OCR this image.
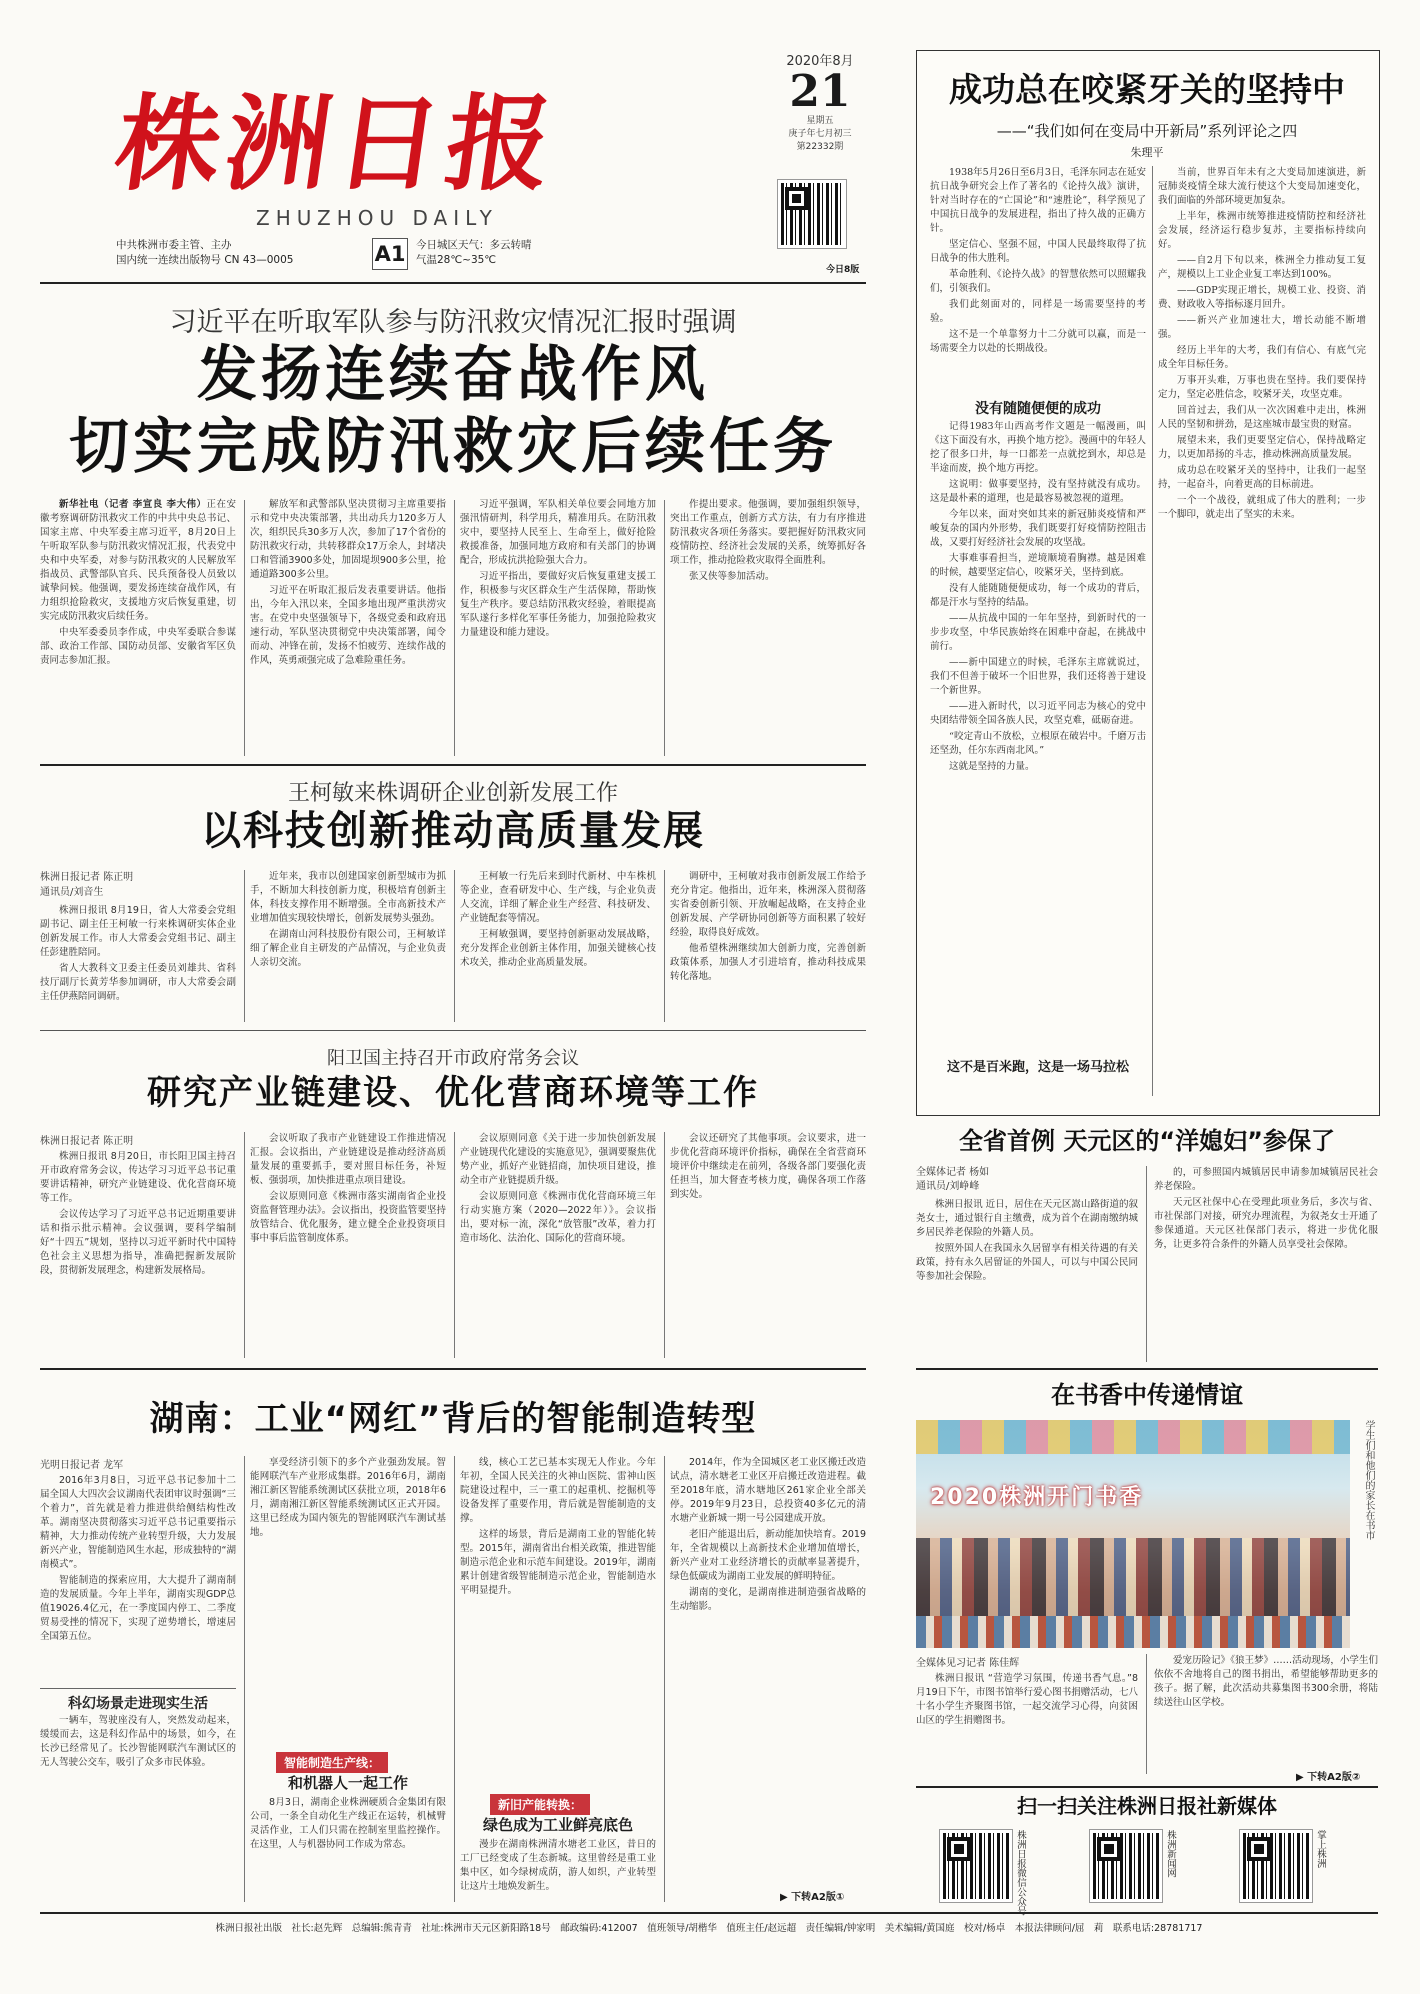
株洲日报
ZHUZHOU DAILY
中共株洲市委主管、主办
国内统一连续出版物号 CN 43—0005	A1 今日城区天气：多云转晴
气温28℃~35℃
2020年8月
21
星期五
庚子年七月初三
第22332期
今日8版
习近平在听取军队参与防汛救灾情况汇报时强调
发扬连续奋战作风
切实完成防汛救灾后续任务

新华社电（记者 李宣良 李大伟）正在安徽考察调研防汛救灾工作的中共中央总书记、国家主席、中央军委主席习近平，8月20日上午听取军队参与防汛救灾情况汇报，代表党中央和中央军委，对参与防汛救灾的人民解放军指战员、武警部队官兵、民兵预备役人员致以诚挚问候。他强调，要发扬连续奋战作风，有力组织抢险救灾，支援地方灾后恢复重建，切实完成防汛救灾后续任务。

中央军委委员李作成，中央军委联合参谋部、政治工作部、国防动员部、安徽省军区负责同志参加汇报。

解放军和武警部队坚决贯彻习主席重要指示和党中央决策部署，共出动兵力120多万人次，组织民兵30多万人次，参加了17个省份的防汛救灾行动，共转移群众17万余人，封堵决口和管涌3900多处，加固堤坝900多公里，抢通道路300多公里。

习近平在听取汇报后发表重要讲话。他指出，今年入汛以来，全国多地出现严重洪涝灾害。在党中央坚强领导下，各级党委和政府迅速行动，军队坚决贯彻党中央决策部署，闻令而动、冲锋在前，发扬不怕疲劳、连续作战的作风，英勇顽强完成了急难险重任务。

习近平强调，军队相关单位要会同地方加强汛情研判，科学用兵，精准用兵。在防汛救灾中，要坚持人民至上、生命至上，做好抢险救援准备，加强同地方政府和有关部门的协调配合，形成抗洪抢险强大合力。

习近平指出，要做好灾后恢复重建支援工作，积极参与灾区群众生产生活保障，帮助恢复生产秩序。要总结防汛救灾经验，着眼提高军队遂行多样化军事任务能力，加强抢险救灾力量建设和能力建设。

作提出要求。他强调，要加强组织领导，突出工作重点，创新方式方法，有力有序推进防汛救灾各项任务落实。要把握好防汛救灾同疫情防控、经济社会发展的关系，统筹抓好各项工作，推动抢险救灾取得全面胜利。

张又侠等参加活动。

王柯敏来株调研企业创新发展工作
以科技创新推动高质量发展
株洲日报记者 陈正明
通讯员/刘音生

株洲日报讯 8月19日，省人大常委会党组副书记、副主任王柯敏一行来株调研实体企业创新发展工作。市人大常委会党组书记、副主任彭建胜陪同。

省人大教科文卫委主任委员刘雄共、省科技厅副厅长黄芳华参加调研，市人大常委会副主任伊燕陪同调研。

近年来，我市以创建国家创新型城市为抓手，不断加大科技创新力度，积极培育创新主体，科技支撑作用不断增强。全市高新技术产业增加值实现较快增长，创新发展势头强劲。

在湖南山河科技股份有限公司，王柯敏详细了解企业自主研发的产品情况，与企业负责人亲切交流。

王柯敏一行先后来到时代新材、中车株机等企业，查看研发中心、生产线，与企业负责人交流，详细了解企业生产经营、科技研发、产业链配套等情况。

王柯敏强调，要坚持创新驱动发展战略，充分发挥企业创新主体作用，加强关键核心技术攻关，推动企业高质量发展。

调研中，王柯敏对我市创新发展工作给予充分肯定。他指出，近年来，株洲深入贯彻落实省委创新引领、开放崛起战略，在支持企业创新发展、产学研协同创新等方面积累了较好经验，取得良好成效。

他希望株洲继续加大创新力度，完善创新政策体系，加强人才引进培育，推动科技成果转化落地。

阳卫国主持召开市政府常务会议
研究产业链建设、优化营商环境等工作
株洲日报记者 陈正明

株洲日报讯 8月20日，市长阳卫国主持召开市政府常务会议，传达学习习近平总书记重要讲话精神，研究产业链建设、优化营商环境等工作。

会议传达学习了习近平总书记近期重要讲话和指示批示精神。会议强调，要科学编制好“十四五”规划，坚持以习近平新时代中国特色社会主义思想为指导，准确把握新发展阶段，贯彻新发展理念，构建新发展格局。

会议听取了我市产业链建设工作推进情况汇报。会议指出，产业链建设是推动经济高质量发展的重要抓手，要对照目标任务，补短板、强弱项，加快推进重点项目建设。

会议原则同意《株洲市落实湖南省企业投资监督管理办法》。会议指出，投资监管要坚持放管结合、优化服务，建立健全企业投资项目事中事后监管制度体系。

会议原则同意《关于进一步加快创新发展产业链现代化建设的实施意见》，强调要聚焦优势产业，抓好产业链招商，加快项目建设，推动全市产业链提质升级。

会议原则同意《株洲市优化营商环境三年行动实施方案（2020—2022年）》。会议指出，要对标一流，深化“放管服”改革，着力打造市场化、法治化、国际化的营商环境。

会议还研究了其他事项。会议要求，进一步优化营商环境评价指标，确保在全省营商环境评价中继续走在前列，各级各部门要强化责任担当，加大督查考核力度，确保各项工作落到实处。

湖南：工业“网红”背后的智能制造转型
光明日报记者 龙军

2016年3月8日，习近平总书记参加十二届全国人大四次会议湖南代表团审议时强调“三个着力”，首先就是着力推进供给侧结构性改革。湖南坚决贯彻落实习近平总书记重要指示精神，大力推动传统产业转型升级，大力发展新兴产业，智能制造风生水起，形成独特的“湖南模式”。

智能制造的探索应用，大大提升了湖南制造的发展质量。今年上半年，湖南实现GDP总值19026.4亿元，在一季度国内停工、二季度贸易受挫的情况下，实现了逆势增长，增速居全国第五位。

科幻场景走进现实生活

一辆车，驾驶座没有人，突然发动起来，缓缓而去，这是科幻作品中的场景，如今，在长沙已经常见了。长沙智能网联汽车测试区的无人驾驶公交车，吸引了众多市民体验。

享受经济引领下的多个产业强劲发展。智能网联汽车产业形成集群。2016年6月，湖南湘江新区智能系统测试区获批立项，2018年6月，湖南湘江新区智能系统测试区正式开园。这里已经成为国内领先的智能网联汽车测试基地。

智能制造生产线：
和机器人一起工作

8月3日，湖南企业株洲硬质合金集团有限公司，一条全自动化生产线正在运转，机械臂灵活作业，工人们只需在控制室里监控操作。在这里，人与机器协同工作成为常态。

线，核心工艺已基本实现无人作业。今年年初，全国人民关注的火神山医院、雷神山医院建设过程中，三一重工的起重机、挖掘机等设备发挥了重要作用，背后就是智能制造的支撑。

这样的场景，背后是湖南工业的智能化转型。2015年，湖南省出台相关政策，推进智能制造示范企业和示范车间建设。2019年，湖南累计创建省级智能制造示范企业，智能制造水平明显提升。

新旧产能转换：
绿色成为工业鲜亮底色

漫步在湖南株洲清水塘老工业区，昔日的工厂已经变成了生态新城。这里曾经是重工业集中区，如今绿树成荫，游人如织，产业转型让这片土地焕发新生。

2014年，作为全国城区老工业区搬迁改造试点，清水塘老工业区开启搬迁改造进程。截至2018年底，清水塘地区261家企业全部关停。2019年9月23日，总投资40多亿元的清水塘产业新城一期一号公园建成开放。

老旧产能退出后，新动能加快培育。2019年，全省规模以上高新技术企业增加值增长，新兴产业对工业经济增长的贡献率显著提升，绿色低碳成为湖南工业发展的鲜明特征。

湖南的变化，是湖南推进制造强省战略的生动缩影。

▶ 下转A2版①
成功总在咬紧牙关的坚持中
——“我们如何在变局中开新局”系列评论之四
朱理平

1938年5月26日至6月3日，毛泽东同志在延安抗日战争研究会上作了著名的《论持久战》演讲，针对当时存在的“亡国论”和“速胜论”，科学预见了中国抗日战争的发展进程，指出了持久战的正确方针。

坚定信心、坚强不屈，中国人民最终取得了抗日战争的伟大胜利。

革命胜利、《论持久战》的智慧依然可以照耀我们，引领我们。

我们此刻面对的，同样是一场需要坚持的考验。

这不是一个单靠努力十二分就可以赢，而是一场需要全力以赴的长期战役。

没有随随便便的成功

记得1983年山西高考作文题是一幅漫画，叫《这下面没有水，再换个地方挖》。漫画中的年轻人挖了很多口井，每一口都差一点就挖到水，却总是半途而废，换个地方再挖。

这说明：做事要坚持，没有坚持就没有成功。这是最朴素的道理，也是最容易被忽视的道理。

今年以来，面对突如其来的新冠肺炎疫情和严峻复杂的国内外形势，我们既要打好疫情防控阻击战，又要打好经济社会发展的攻坚战。

大事难事看担当，逆境顺境看胸襟。越是困难的时候，越要坚定信心，咬紧牙关，坚持到底。

没有人能随随便便成功，每一个成功的背后，都是汗水与坚持的结晶。

——从抗战中国的一年年坚持，到新时代的一步步攻坚，中华民族始终在困难中奋起，在挑战中前行。

——新中国建立的时候，毛泽东主席就说过，我们不但善于破坏一个旧世界，我们还将善于建设一个新世界。

——进入新时代，以习近平同志为核心的党中央团结带领全国各族人民，攻坚克难，砥砺奋进。

“咬定青山不放松，立根原在破岩中。千磨万击还坚劲，任尔东西南北风。”

这就是坚持的力量。

这不是百米跑，这是一场马拉松

当前，世界百年未有之大变局加速演进，新冠肺炎疫情全球大流行使这个大变局加速变化，我们面临的外部环境更加复杂。

上半年，株洲市统筹推进疫情防控和经济社会发展，经济运行稳步复苏，主要指标持续向好。

——自2月下旬以来，株洲全力推动复工复产，规模以上工业企业复工率达到100%。

——GDP实现正增长，规模工业、投资、消费、财政收入等指标逐月回升。

——新兴产业加速壮大，增长动能不断增强。

经历上半年的大考，我们有信心、有底气完成全年目标任务。

万事开头难，万事也贵在坚持。我们要保持定力，坚定必胜信念，咬紧牙关，攻坚克难。

回首过去，我们从一次次困难中走出，株洲人民的坚韧和拼劲，是这座城市最宝贵的财富。

展望未来，我们更要坚定信心，保持战略定力，以更加昂扬的斗志，推动株洲高质量发展。

成功总在咬紧牙关的坚持中，让我们一起坚持，一起奋斗，向着更高的目标前进。

一个一个战役，就组成了伟大的胜利；一步一个脚印，就走出了坚实的未来。

全省首例 天元区的“洋媳妇”参保了
全媒体记者 杨如
通讯员/刘峥峰

株洲日报讯 近日，居住在天元区嵩山路街道的叙尧女士，通过银行自主缴费，成为首个在湖南缴纳城乡居民养老保险的外籍人员。

按照外国人在我国永久居留享有相关待遇的有关政策，持有永久居留证的外国人，可以与中国公民同等参加社会保险。

的，可参照国内城镇居民申请参加城镇居民社会养老保险。

天元区社保中心在受理此项业务后，多次与省、市社保部门对接，研究办理流程，为叙尧女士开通了参保通道。天元区社保部门表示，将进一步优化服务，让更多符合条件的外籍人员享受社会保障。

在书香中传递情谊
2020株洲开门书香	学生们和他们的家长在书市
全媒体见习记者 陈佳辉

株洲日报讯 “营造学习氛围，传递书香气息。”8月19日下午，市图书馆举行爱心图书捐赠活动，七八十名小学生齐聚图书馆，一起交流学习心得，向贫困山区的学生捐赠图书。

爱宠历险记》《狼王梦》……活动现场，小学生们依依不舍地将自己的图书捐出，希望能够帮助更多的孩子。据了解，此次活动共募集图书300余册，将陆续送往山区学校。

▶ 下转A2版②
扫一扫关注株洲日报社新媒体
株洲日报微信公众号	株洲新闻网	掌上株洲
株洲日报社出版　社长:赵先辉　总编辑:熊青青　社址:株洲市天元区新阳路18号　邮政编码:412007　值班领导/胡楷华　值班主任/赵远超　责任编辑/钟家明　美术编辑/黄国庭　校对/杨卓　本报法律顾问/屈　莉　联系电话:28781717
